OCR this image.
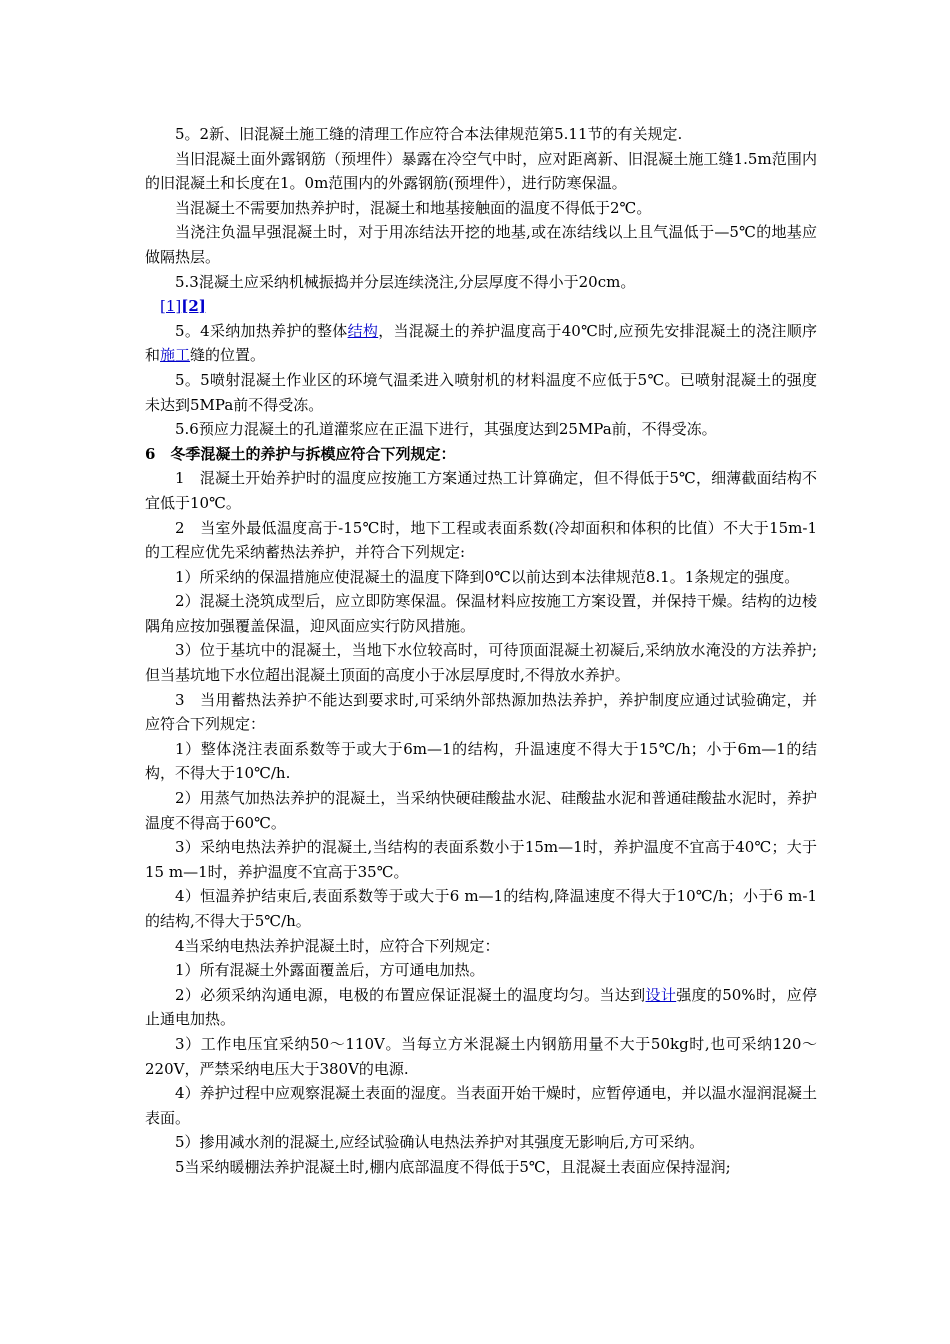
5。2新、旧混凝土施工缝的清理工作应符合本法律规范第5.11节的有关规定.

当旧混凝土面外露钢筋（预埋件）暴露在冷空气中时，应对距离新、旧混凝土施工缝1.5m范围内的旧混凝土和长度在1。0m范围内的外露钢筋(预埋件），进行防寒保温。

当混凝土不需要加热养护时，混凝土和地基接触面的温度不得低于2℃。

当浇注负温早强混凝土时，对于用冻结法开挖的地基,或在冻结线以上且气温低于—5℃的地基应做隔热层。

5.3混凝土应采纳机械振捣并分层连续浇注,分层厚度不得小于20cm。

[1][2]

5。4采纳加热养护的整体结构，当混凝土的养护温度高于40℃时,应预先安排混凝土的浇注顺序和施工缝的位置。

5。5喷射混凝土作业区的环境气温柔进入喷射机的材料温度不应低于5℃。已喷射混凝土的强度未达到5MPa前不得受冻。

5.6预应力混凝土的孔道灌浆应在正温下进行，其强度达到25MPa前，不得受冻。

6　冬季混凝土的养护与拆模应符合下列规定：

1　混凝土开始养护时的温度应按施工方案通过热工计算确定，但不得低于5℃，细薄截面结构不宜低于10℃。

2　当室外最低温度高于-15℃时，地下工程或表面系数(冷却面积和体积的比值）不大于15m-1的工程应优先采纳蓄热法养护，并符合下列规定:

1）所采纳的保温措施应使混凝土的温度下降到0℃以前达到本法律规范8.1。1条规定的强度。

2）混凝土浇筑成型后，应立即防寒保温。保温材料应按施工方案设置，并保持干燥。结构的边棱隅角应按加强覆盖保温，迎风面应实行防风措施。

3）位于基坑中的混凝土，当地下水位较高时，可待顶面混凝土初凝后,采纳放水淹没的方法养护;但当基坑地下水位超出混凝土顶面的高度小于冰层厚度时,不得放水养护。

3　当用蓄热法养护不能达到要求时,可采纳外部热源加热法养护，养护制度应通过试验确定，并应符合下列规定：

1）整体浇注表面系数等于或大于6m—1的结构，升温速度不得大于15℃/h；小于6m—1的结构，不得大于10℃/h.

2）用蒸气加热法养护的混凝土，当采纳快硬硅酸盐水泥、硅酸盐水泥和普通硅酸盐水泥时，养护温度不得高于60℃。

3）采纳电热法养护的混凝土,当结构的表面系数小于15m—1时，养护温度不宜高于40℃；大于15 m—1时，养护温度不宜高于35℃。

4）恒温养护结束后,表面系数等于或大于6 m—1的结构,降温速度不得大于10℃/h；小于6 m-1的结构,不得大于5℃/h。

4当采纳电热法养护混凝土时，应符合下列规定：

1）所有混凝土外露面覆盖后，方可通电加热。

2）必须采纳沟通电源，电极的布置应保证混凝土的温度均匀。当达到设计强度的50%时，应停止通电加热。

3）工作电压宜采纳50～110V。当每立方米混凝土内钢筋用量不大于50kg时,也可采纳120～220V，严禁采纳电压大于380V的电源.

4）养护过程中应观察混凝土表面的湿度。当表面开始干燥时，应暂停通电，并以温水湿润混凝土表面。

5）掺用减水剂的混凝土,应经试验确认电热法养护对其强度无影响后,方可采纳。

5当采纳暖棚法养护混凝土时,棚内底部温度不得低于5℃，且混凝土表面应保持湿润;
